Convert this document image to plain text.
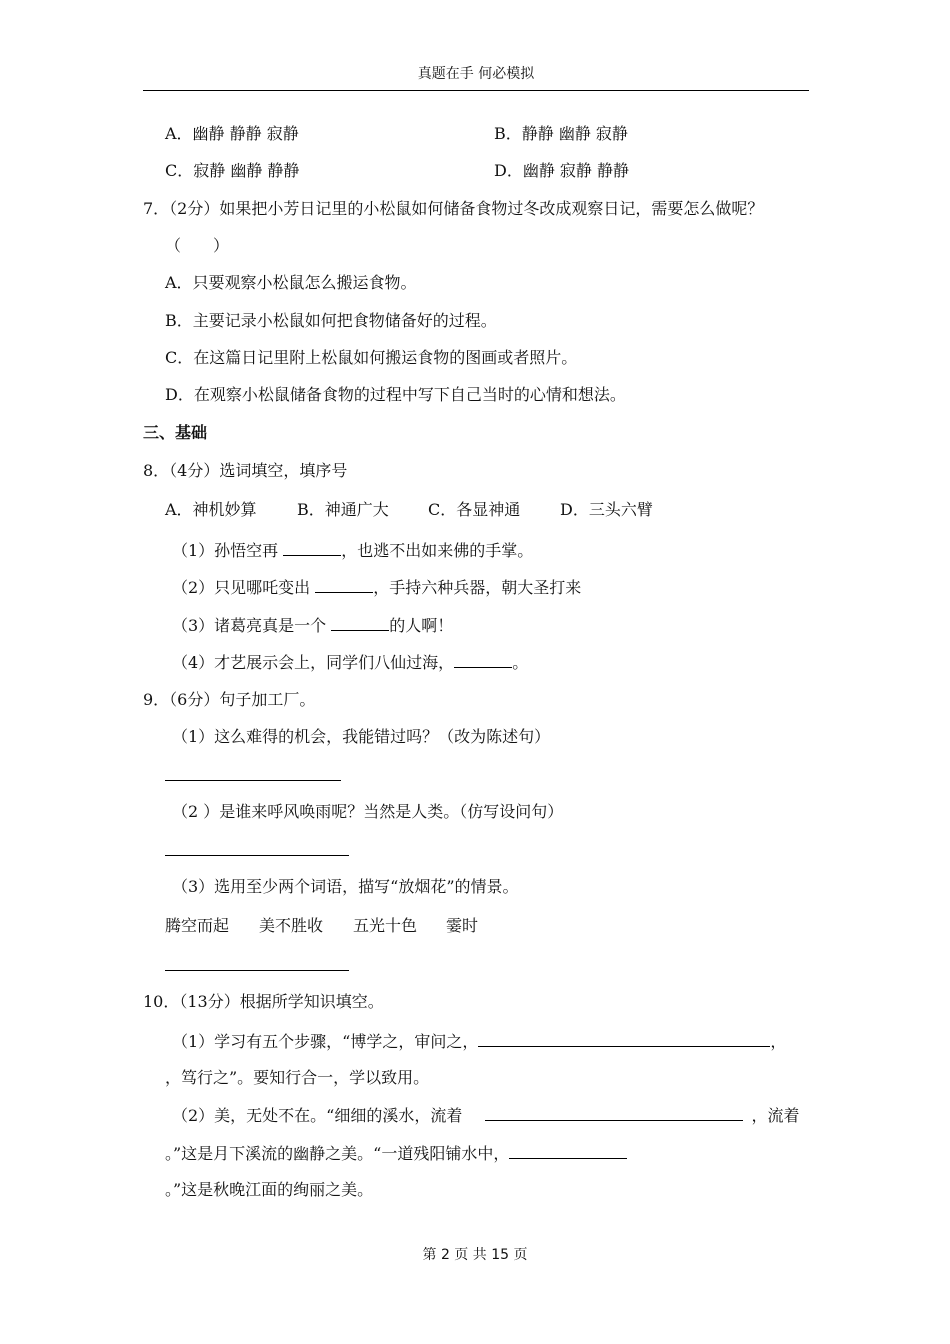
真题在手 何必模拟
A．幽静 静静 寂静	B．静静 幽静 寂静
C．寂静 幽静 静静	D．幽静 寂静 静静
7．（2分）如果把小芳日记里的小松鼠如何储备食物过冬改成观察日记，需要怎么做呢？
（　　）
A．只要观察小松鼠怎么搬运食物。
B．主要记录小松鼠如何把食物储备好的过程。
C．在这篇日记里附上松鼠如何搬运食物的图画或者照片。
D．在观察小松鼠储备食物的过程中写下自己当时的心情和想法。
三、基础
8．（4分）选词填空，填序号
A．神机妙算	B．神通广大 C．各显神通 D．三头六臂
（1）孙悟空再	，也逃不出如来佛的手掌。
（2）只见哪吒变出	，手持六种兵器，朝大圣打来
（3）诸葛亮真是一个	的人啊！
（4）才艺展示会上，同学们八仙过海，	。
9．（6分）句子加工厂。
（1）这么难得的机会，我能错过吗？（改为陈述句）
（2 ）是谁来呼风唤雨呢？当然是人类。（仿写设问句）
（3）选用至少两个词语，描写“放烟花”的情景。
腾空而起 美不胜收 五光十色 霎时
10．（13分）根据所学知识填空。
（1）学习有五个步骤，“博学之，审问之，	，
，笃行之”。要知行合一，学以致用。
（2）美，无处不在。“细细的溪水，流着	，流着
。”这是月下溪流的幽静之美。“一道残阳铺水中，
。”这是秋晚江面的绚丽之美。
第 2 页 共 15 页
